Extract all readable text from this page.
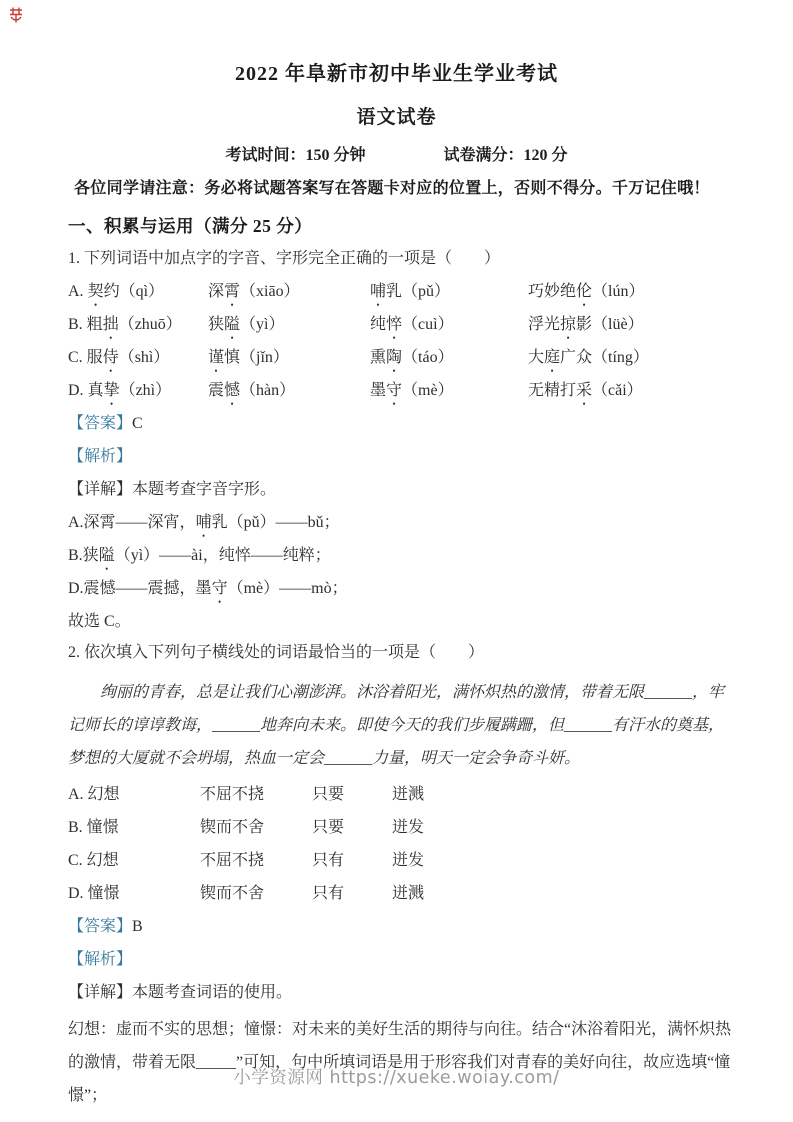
2022 年阜新市初中毕业生学业考试
语文试卷
考试时间：150 分钟	试卷满分：120 分
各位同学请注意：务必将试题答案写在答题卡对应的位置上，否则不得分。千万记住哦！
一、积累与运用（满分 25 分）
1. 下列词语中加点字的字音、字形完全正确的一项是（　　）
A. 契约（qì）	深霄（xiāo）	哺乳（pǔ）	巧妙绝伦（lún）
B. 粗拙（zhuō）	狭隘（yì）	纯悴（cuì）	浮光掠影（lüè）
C. 服侍（shì）	谨慎（jǐn）	熏陶（táo）	大庭广众（tíng）
D. 真挚（zhì）	震憾（hàn）	墨守（mè）	无精打采（cǎi）
【答案】C
【解析】
【详解】本题考查字音字形。
A.深霄——深宵，哺乳（pǔ）——bǔ；
B.狭隘（yì）——ài，纯悴——纯粹；
D.震憾——震撼，墨守（mè）——mò；
故选 C。
2. 依次填入下列句子横线处的词语最恰当的一项是（　　）
绚丽的青春，总是让我们心潮澎湃。沐浴着阳光，满怀炽热的激情，带着无限______，牢记师长的谆谆教诲，______地奔向未来。即使今天的我们步履蹒跚，但______有汗水的奠基，梦想的大厦就不会坍塌，热血一定会______力量，明天一定会争奇斗妍。
A. 幻想	不屈不挠	只要	迸溅
B. 憧憬	锲而不舍	只要	迸发
C. 幻想	不屈不挠	只有	迸发
D. 憧憬	锲而不舍	只有	迸溅
【答案】B
【解析】
【详解】本题考查词语的使用。
幻想：虚而不实的思想；憧憬：对未来的美好生活的期待与向往。结合“沐浴着阳光，满怀炽热的激情，带着无限_____”可知，句中所填词语是用于形容我们对青春的美好向往，故应选填“憧憬”；
小学资源网 https://xueke.woiay.com/
